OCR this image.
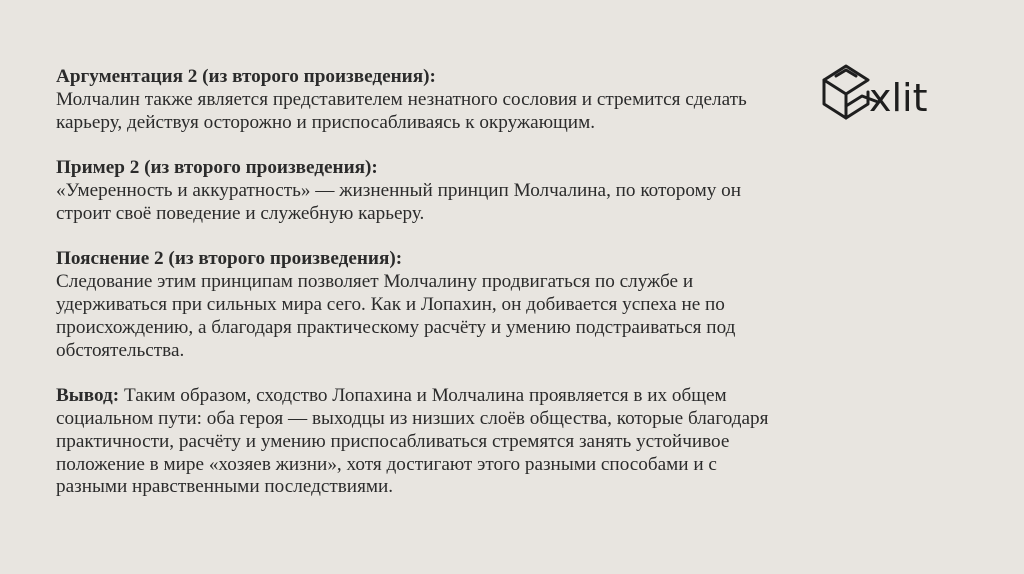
Аргументация 2 (из второго произведения):
Молчалин также является представителем незнатного сословия и стремится сделать карьеру, действуя осторожно и приспосабливаясь к окружающим.

Пример 2 (из второго произведения):
«Умеренность и аккуратность» — жизненный принцип Молчалина, по которому он строит своё поведение и служебную карьеру.

Пояснение 2 (из второго произведения):
Следование этим принципам позволяет Молчалину продвигаться по службе и удерживаться при сильных мира сего. Как и Лопахин, он добивается успеха не по происхождению, а благодаря практическому расчёту и умению подстраиваться под обстоятельства.

Вывод: Таким образом, сходство Лопахина и Молчалина проявляется в их общем социальном пути: оба героя — выходцы из низших слоёв общества, которые благодаря практичности, расчёту и умению приспосабливаться стремятся занять устойчивое положение в мире «хозяев жизни», хотя достигают этого разными способами и с разными нравственными последствиями.

xlit
